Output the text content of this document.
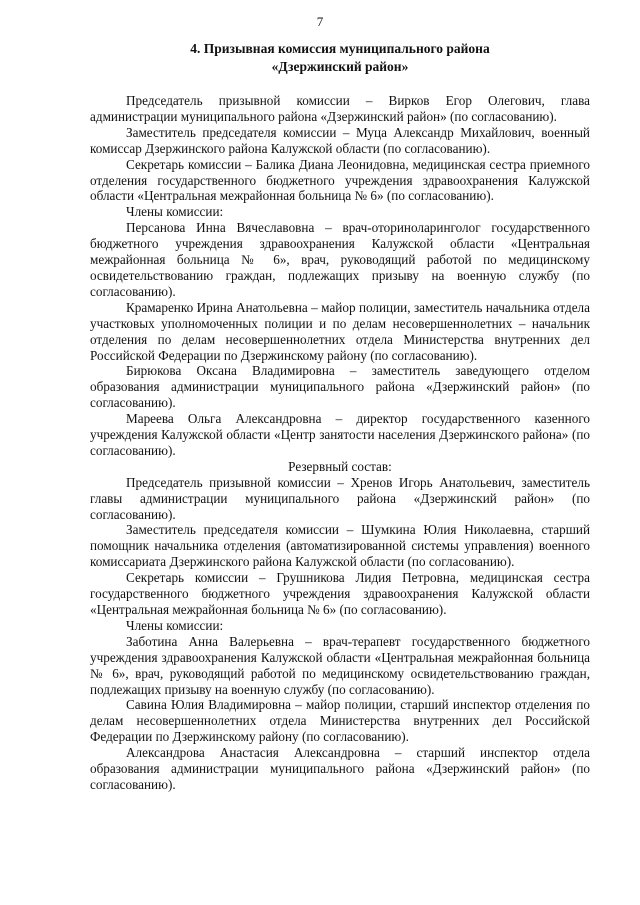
7
4. Призывная комиссия муниципального района
«Дзержинский район»

Председатель призывной комиссии – Вирков Егор Олегович, глава администрации муниципального района «Дзержинский район» (по согласованию).

Заместитель председателя комиссии – Муца Александр Михайлович, военный комиссар Дзержинского района Калужской области (по согласованию).

Секретарь комиссии – Балика Диана Леонидовна, медицинская сестра приемного отделения государственного бюджетного учреждения здравоохранения Калужской области «Центральная межрайонная больница № 6» (по согласованию).

Члены комиссии:

Персанова Инна Вячеславовна – врач-оториноларинголог государственного бюджетного учреждения здравоохранения Калужской области «Центральная межрайонная больница № 6», врач, руководящий работой по медицинскому освидетельствованию граждан, подлежащих призыву на военную службу (по согласованию).

Крамаренко Ирина Анатольевна – майор полиции, заместитель начальника отдела участковых уполномоченных полиции и по делам несовершеннолетних – начальник отделения по делам несовершеннолетних отдела Министерства внутренних дел Российской Федерации по Дзержинскому району (по согласованию).

Бирюкова Оксана Владимировна – заместитель заведующего отделом образования администрации муниципального района «Дзержинский район» (по согласованию).

Мареева Ольга Александровна – директор государственного казенного учреждения Калужской области «Центр занятости населения Дзержинского района» (по согласованию).

Резервный состав:

Председатель призывной комиссии – Хренов Игорь Анатольевич, заместитель главы администрации муниципального района «Дзержинский район» (по согласованию).

Заместитель председателя комиссии – Шумкина Юлия Николаевна, старший помощник начальника отделения (автоматизированной системы управления) военного комиссариата Дзержинского района Калужской области (по согласованию).

Секретарь комиссии – Грушникова Лидия Петровна, медицинская сестра государственного бюджетного учреждения здравоохранения Калужской области «Центральная межрайонная больница № 6» (по согласованию).

Члены комиссии:

Заботина Анна Валерьевна – врач-терапевт государственного бюджетного учреждения здравоохранения Калужской области «Центральная межрайонная больница № 6», врач, руководящий работой по медицинскому освидетельствованию граждан, подлежащих призыву на военную службу (по согласованию).

Савина Юлия Владимировна – майор полиции, старший инспектор отделения по делам несовершеннолетних отдела Министерства внутренних дел Российской Федерации по Дзержинскому району (по согласованию).

Александрова Анастасия Александровна – старший инспектор отдела образования администрации муниципального района «Дзержинский район» (по согласованию).
